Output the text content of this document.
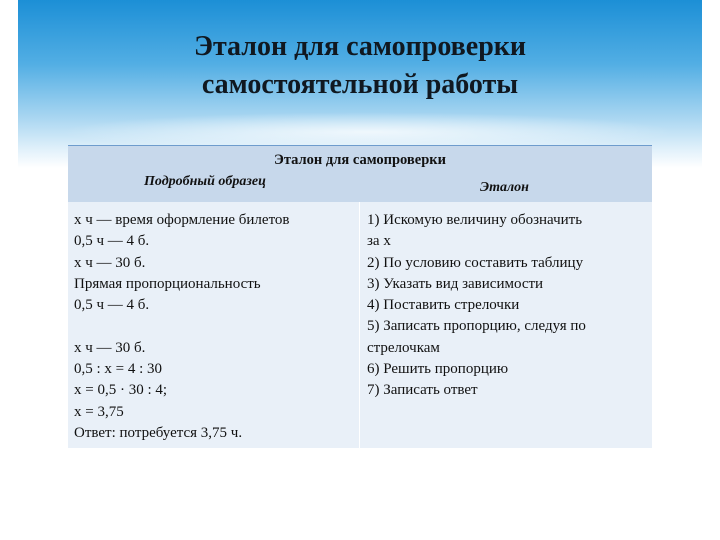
Эталон для самопроверки
самостоятельной работы
Эталон для самопроверки
Подробный образец	Эталон
x ч — время оформление билетов
0,5 ч — 4 б.
x ч — 30 б.
Прямая пропорциональность
0,5 ч — 4 б.
x ч — 30 б.
0,5 : x = 4 : 30
x = 0,5 · 30 : 4;
x = 3,75
Ответ: потребуется 3,75 ч.
1) Искомую величину обозначить
за x
2) По условию составить таблицу
3) Указать вид зависимости
4) Поставить стрелочки
5) Записать пропорцию, следуя по
стрелочкам
6) Решить пропорцию
7) Записать ответ
